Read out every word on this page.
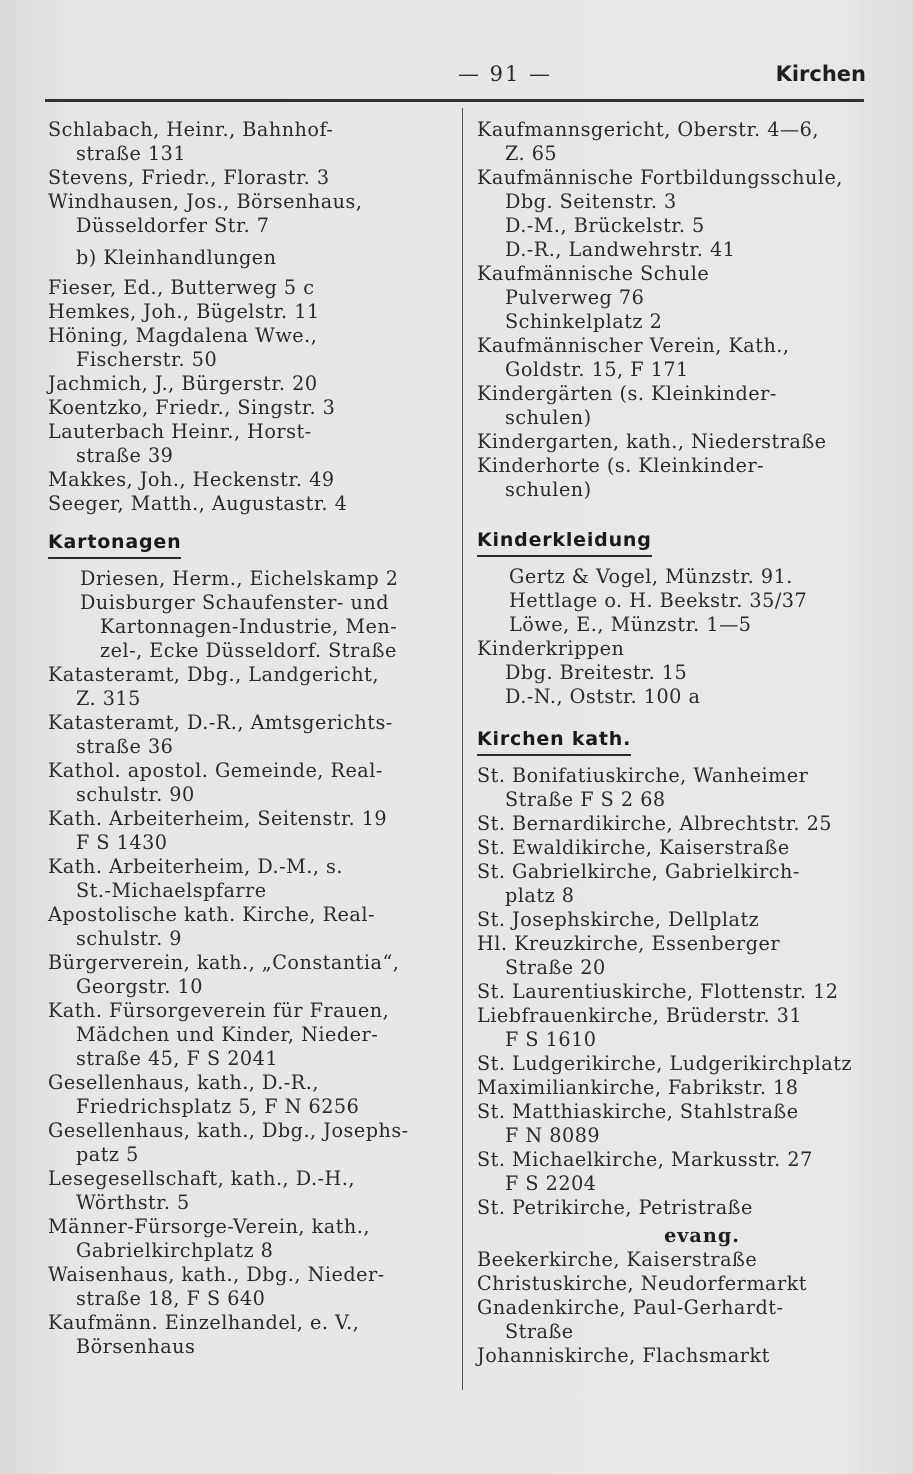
— 91 —	Kirchen
Schlabach, Heinr., Bahnhof-
straße 131
Stevens, Friedr., Florastr. 3
Windhausen, Jos., Börsenhaus,
Düsseldorfer Str. 7
b) Kleinhandlungen
Fieser, Ed., Butterweg 5 c
Hemkes, Joh., Bügelstr. 11
Höning, Magdalena Wwe.,
Fischerstr. 50
Jachmich, J., Bürgerstr. 20
Koentzko, Friedr., Singstr. 3
Lauterbach Heinr., Horst-
straße 39
Makkes, Joh., Heckenstr. 49
Seeger, Matth., Augustastr. 4
Kartonagen
Driesen, Herm., Eichelskamp 2
Duisburger Schaufenster- und
Kartonnagen-Industrie, Men-
zel-, Ecke Düsseldorf. Straße
Katasteramt, Dbg., Landgericht,
Z. 315
Katasteramt, D.-R., Amtsgerichts-
straße 36
Kathol. apostol. Gemeinde, Real-
schulstr. 90
Kath. Arbeiterheim, Seitenstr. 19
F S 1430
Kath. Arbeiterheim, D.-M., s.
St.-Michaelspfarre
Apostolische kath. Kirche, Real-
schulstr. 9
Bürgerverein, kath., „Constantia“,
Georgstr. 10
Kath. Fürsorgeverein für Frauen,
Mädchen und Kinder, Nieder-
straße 45, F S 2041
Gesellenhaus, kath., D.-R.,
Friedrichsplatz 5, F N 6256
Gesellenhaus, kath., Dbg., Josephs-
patz 5
Lesegesellschaft, kath., D.-H.,
Wörthstr. 5
Männer-Fürsorge-Verein, kath.,
Gabrielkirchplatz 8
Waisenhaus, kath., Dbg., Nieder-
straße 18, F S 640
Kaufmänn. Einzelhandel, e. V.,
Börsenhaus
Kaufmannsgericht, Oberstr. 4—6,
Z. 65
Kaufmännische Fortbildungsschule,
Dbg. Seitenstr. 3
D.-M., Brückelstr. 5
D.-R., Landwehrstr. 41
Kaufmännische Schule
Pulverweg 76
Schinkelplatz 2
Kaufmännischer Verein, Kath.,
Goldstr. 15, F 171
Kindergärten (s. Kleinkinder-
schulen)
Kindergarten, kath., Niederstraße
Kinderhorte (s. Kleinkinder-
schulen)
Kinderkleidung
Gertz & Vogel, Münzstr. 91.
Hettlage o. H. Beekstr. 35/37
Löwe, E., Münzstr. 1—5
Kinderkrippen
Dbg. Breitestr. 15
D.-N., Oststr. 100 a
Kirchen kath.
St. Bonifatiuskirche, Wanheimer
Straße F S 2 68
St. Bernardikirche, Albrechtstr. 25
St. Ewaldikirche, Kaiserstraße
St. Gabrielkirche, Gabrielkirch-
platz 8
St. Josephskirche, Dellplatz
Hl. Kreuzkirche, Essenberger
Straße 20
St. Laurentiuskirche, Flottenstr. 12
Liebfrauenkirche, Brüderstr. 31
F S 1610
St. Ludgerikirche, Ludgerikirchplatz
Maximiliankirche, Fabrikstr. 18
St. Matthiaskirche, Stahlstraße
F N 8089
St. Michaelkirche, Markusstr. 27
F S 2204
St. Petrikirche, Petristraße
evang.
Beekerkirche, Kaiserstraße
Christuskirche, Neudorfermarkt
Gnadenkirche, Paul-Gerhardt-
Straße
Johanniskirche, Flachsmarkt
